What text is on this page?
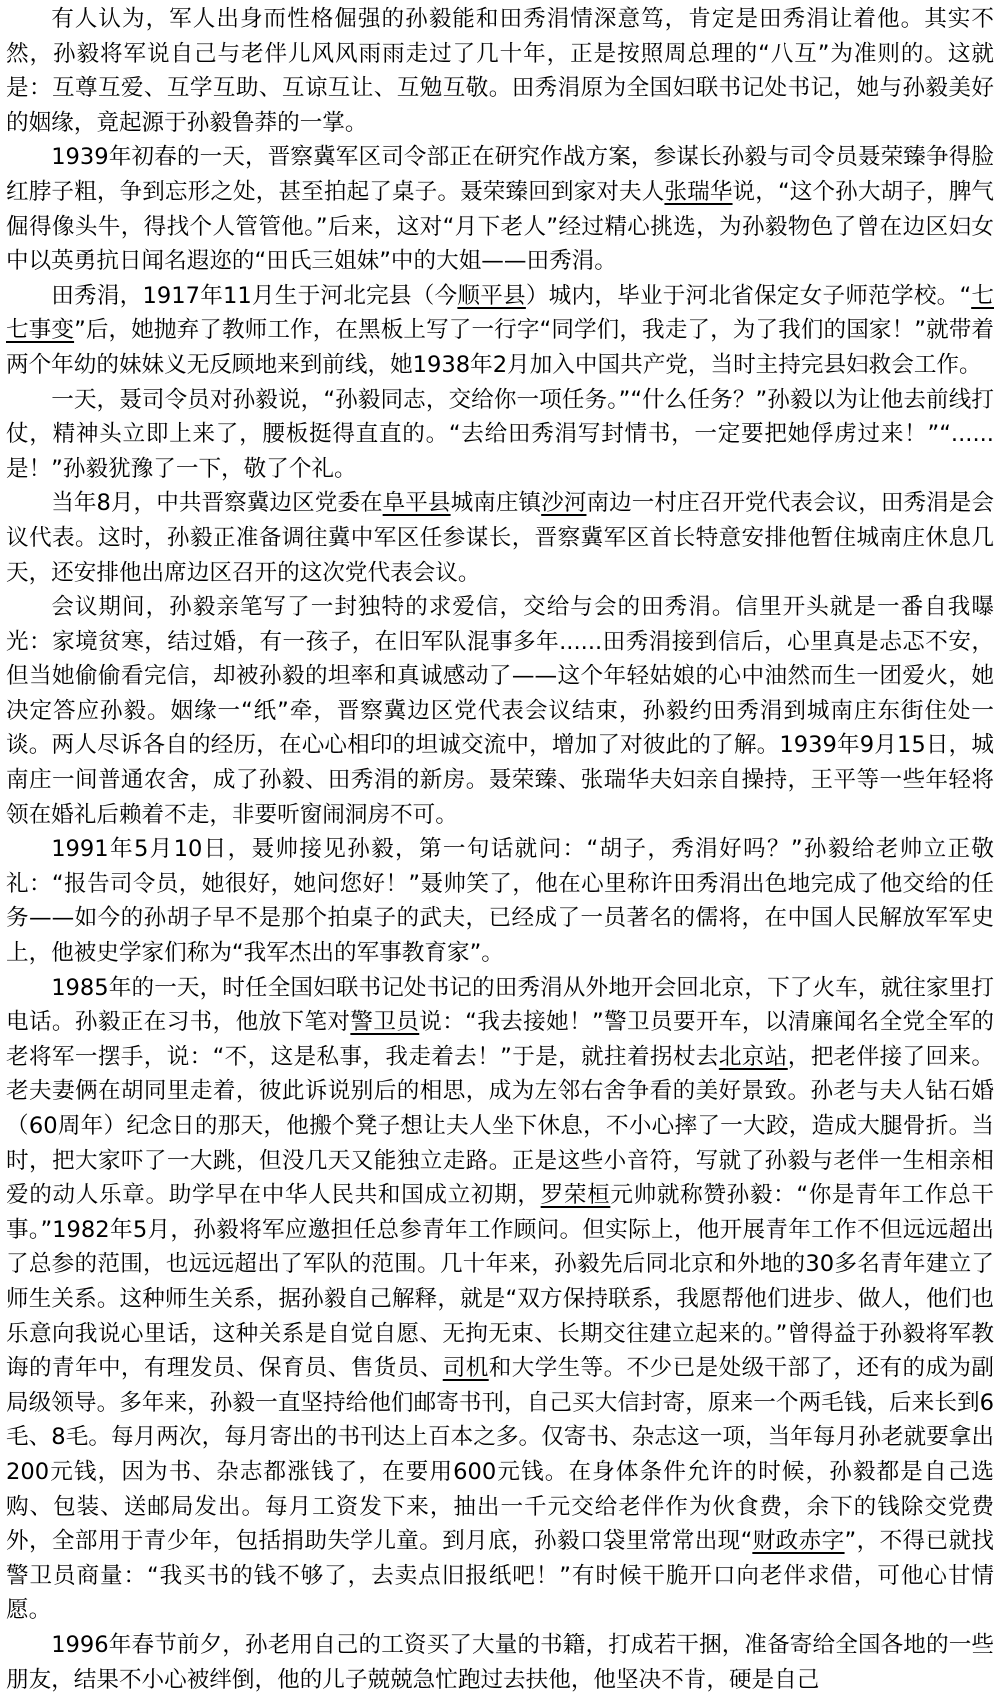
有人认为，军人出身而性格倔强的孙毅能和田秀涓情深意笃，肯定是田秀涓让着他。其实不然，孙毅将军说自己与老伴儿风风雨雨走过了几十年，正是按照周总理的“八互”为准则的。这就是：互尊互爱、互学互助、互谅互让、互勉互敬。田秀涓原为全国妇联书记处书记，她与孙毅美好的姻缘，竟起源于孙毅鲁莽的一掌。

1939年初春的一天，晋察冀军区司令部正在研究作战方案，参谋长孙毅与司令员聂荣臻争得脸红脖子粗，争到忘形之处，甚至拍起了桌子。聂荣臻回到家对夫人张瑞华说，“这个孙大胡子，脾气倔得像头牛，得找个人管管他。”后来，这对“月下老人”经过精心挑选，为孙毅物色了曾在边区妇女中以英勇抗日闻名遐迩的“田氏三姐妹”中的大姐——田秀涓。

田秀涓，1917年11月生于河北完县（今顺平县）城内，毕业于河北省保定女子师范学校。“七七事变”后，她抛弃了教师工作，在黑板上写了一行字“同学们，我走了，为了我们的国家！”就带着两个年幼的妹妹义无反顾地来到前线，她1938年2月加入中国共产党，当时主持完县妇救会工作。

一天，聂司令员对孙毅说，“孙毅同志，交给你一项任务。”“什么任务？”孙毅以为让他去前线打仗，精神头立即上来了，腰板挺得直直的。“去给田秀涓写封情书，一定要把她俘虏过来！”“......是！”孙毅犹豫了一下，敬了个礼。

当年8月，中共晋察冀边区党委在阜平县城南庄镇沙河南边一村庄召开党代表会议，田秀涓是会议代表。这时，孙毅正准备调往冀中军区任参谋长，晋察冀军区首长特意安排他暂住城南庄休息几天，还安排他出席边区召开的这次党代表会议。

会议期间，孙毅亲笔写了一封独特的求爱信，交给与会的田秀涓。信里开头就是一番自我曝光：家境贫寒，结过婚，有一孩子，在旧军队混事多年......田秀涓接到信后，心里真是忐忑不安，但当她偷偷看完信，却被孙毅的坦率和真诚感动了——这个年轻姑娘的心中油然而生一团爱火，她决定答应孙毅。姻缘一“纸”牵，晋察冀边区党代表会议结束，孙毅约田秀涓到城南庄东街住处一谈。两人尽诉各自的经历，在心心相印的坦诚交流中，增加了对彼此的了解。1939年9月15日，城南庄一间普通农舍，成了孙毅、田秀涓的新房。聂荣臻、张瑞华夫妇亲自操持，王平等一些年轻将领在婚礼后赖着不走，非要听窗闹洞房不可。

1991年5月10日，聂帅接见孙毅，第一句话就问：“胡子，秀涓好吗？”孙毅给老帅立正敬礼：“报告司令员，她很好，她问您好！”聂帅笑了，他在心里称许田秀涓出色地完成了他交给的任务——如今的孙胡子早不是那个拍桌子的武夫，已经成了一员著名的儒将，在中国人民解放军军史上，他被史学家们称为“我军杰出的军事教育家”。

1985年的一天，时任全国妇联书记处书记的田秀涓从外地开会回北京，下了火车，就往家里打电话。孙毅正在习书，他放下笔对警卫员说：“我去接她！”警卫员要开车，以清廉闻名全党全军的老将军一摆手，说：“不，这是私事，我走着去！”于是，就拄着拐杖去北京站，把老伴接了回来。老夫妻俩在胡同里走着，彼此诉说别后的相思，成为左邻右舍争看的美好景致。孙老与夫人钻石婚（60周年）纪念日的那天，他搬个凳子想让夫人坐下休息，不小心摔了一大跤，造成大腿骨折。当时，把大家吓了一大跳，但没几天又能独立走路。正是这些小音符，写就了孙毅与老伴一生相亲相爱的动人乐章。助学早在中华人民共和国成立初期，罗荣桓元帅就称赞孙毅：“你是青年工作总干事。”1982年5月，孙毅将军应邀担任总参青年工作顾问。但实际上，他开展青年工作不但远远超出了总参的范围，也远远超出了军队的范围。几十年来，孙毅先后同北京和外地的30多名青年建立了师生关系。这种师生关系，据孙毅自己解释，就是“双方保持联系，我愿帮他们进步、做人，他们也乐意向我说心里话，这种关系是自觉自愿、无拘无束、长期交往建立起来的。”曾得益于孙毅将军教诲的青年中，有理发员、保育员、售货员、司机和大学生等。不少已是处级干部了，还有的成为副局级领导。多年来，孙毅一直坚持给他们邮寄书刊，自己买大信封寄，原来一个两毛钱，后来长到6毛、8毛。每月两次，每月寄出的书刊达上百本之多。仅寄书、杂志这一项，当年每月孙老就要拿出200元钱，因为书、杂志都涨钱了，在要用600元钱。在身体条件允许的时候，孙毅都是自己选购、包装、送邮局发出。每月工资发下来，抽出一千元交给老伴作为伙食费，余下的钱除交党费外，全部用于青少年，包括捐助失学儿童。到月底，孙毅口袋里常常出现“财政赤字”，不得已就找警卫员商量：“我买书的钱不够了，去卖点旧报纸吧！”有时候干脆开口向老伴求借，可他心甘情愿。

1996年春节前夕，孙老用自己的工资买了大量的书籍，打成若干捆，准备寄给全国各地的一些朋友，结果不小心被绊倒，他的儿子兢兢急忙跑过去扶他，他坚决不肯，硬是自己
